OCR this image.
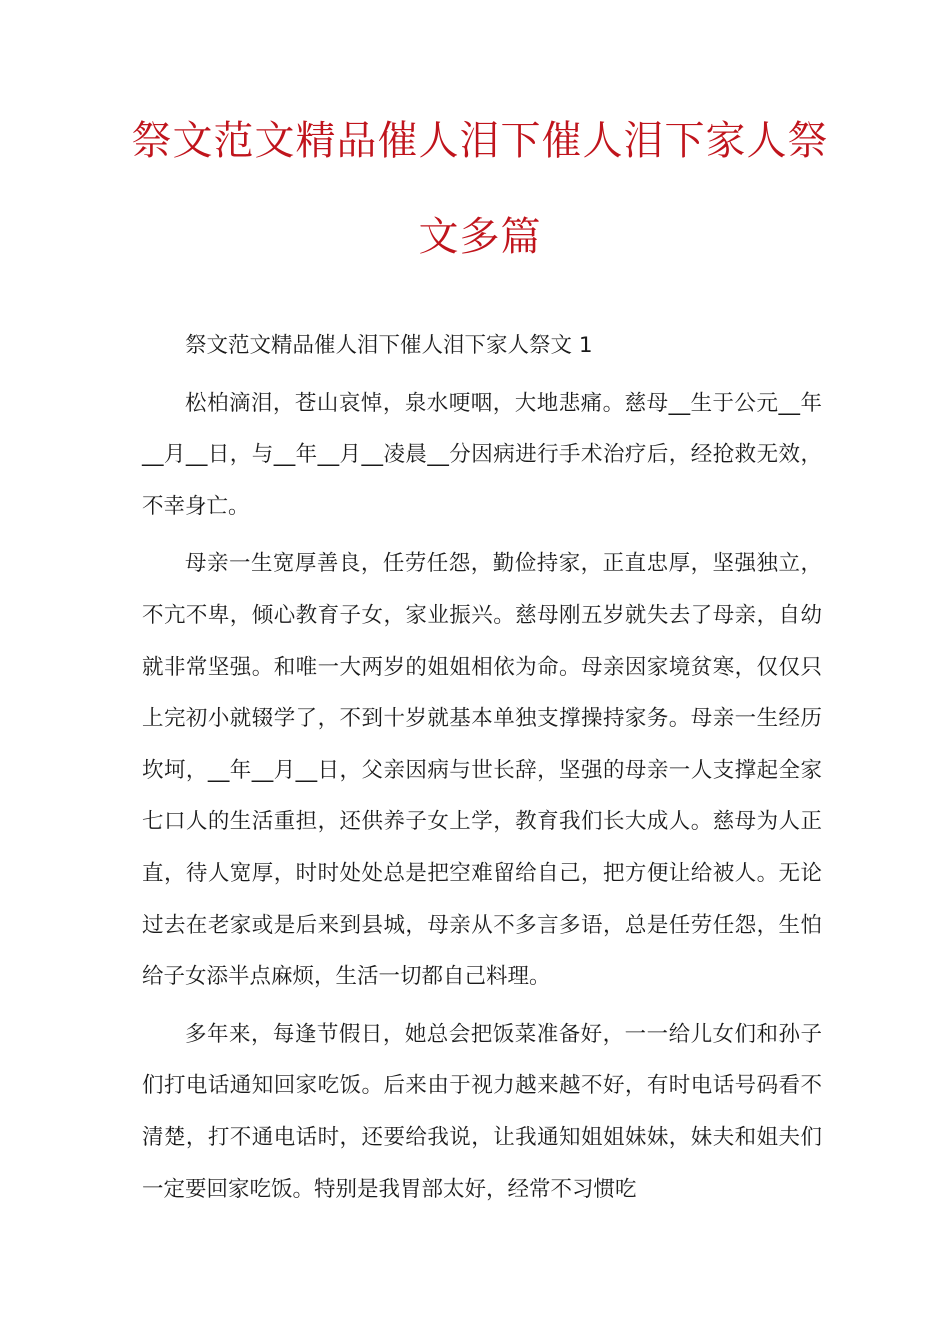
祭文范文精品催人泪下催人泪下家人祭
文多篇

祭文范文精品催人泪下催人泪下家人祭文 1

松柏滴泪，苍山哀悼，泉水哽咽，大地悲痛。慈母__生于公元__年__月__日，与__年__月__凌晨__分因病进行手术治疗后，经抢救无效，不幸身亡。

母亲一生宽厚善良，任劳任怨，勤俭持家，正直忠厚，坚强独立，不亢不卑，倾心教育子女，家业振兴。慈母刚五岁就失去了母亲，自幼就非常坚强。和唯一大两岁的姐姐相依为命。母亲因家境贫寒，仅仅只上完初小就辍学了，不到十岁就基本单独支撑操持家务。母亲一生经历坎坷，__年__月__日，父亲因病与世长辞，坚强的母亲一人支撑起全家七口人的生活重担，还供养子女上学，教育我们长大成人。慈母为人正直，待人宽厚，时时处处总是把空难留给自己，把方便让给被人。无论过去在老家或是后来到县城，母亲从不多言多语，总是任劳任怨，生怕给子女添半点麻烦，生活一切都自己料理。

多年来，每逢节假日，她总会把饭菜准备好，一一给儿女们和孙子们打电话通知回家吃饭。后来由于视力越来越不好，有时电话号码看不清楚，打不通电话时，还要给我说，让我通知姐姐妹妹，妹夫和姐夫们一定要回家吃饭。特别是我胃部太好，经常不习惯吃
